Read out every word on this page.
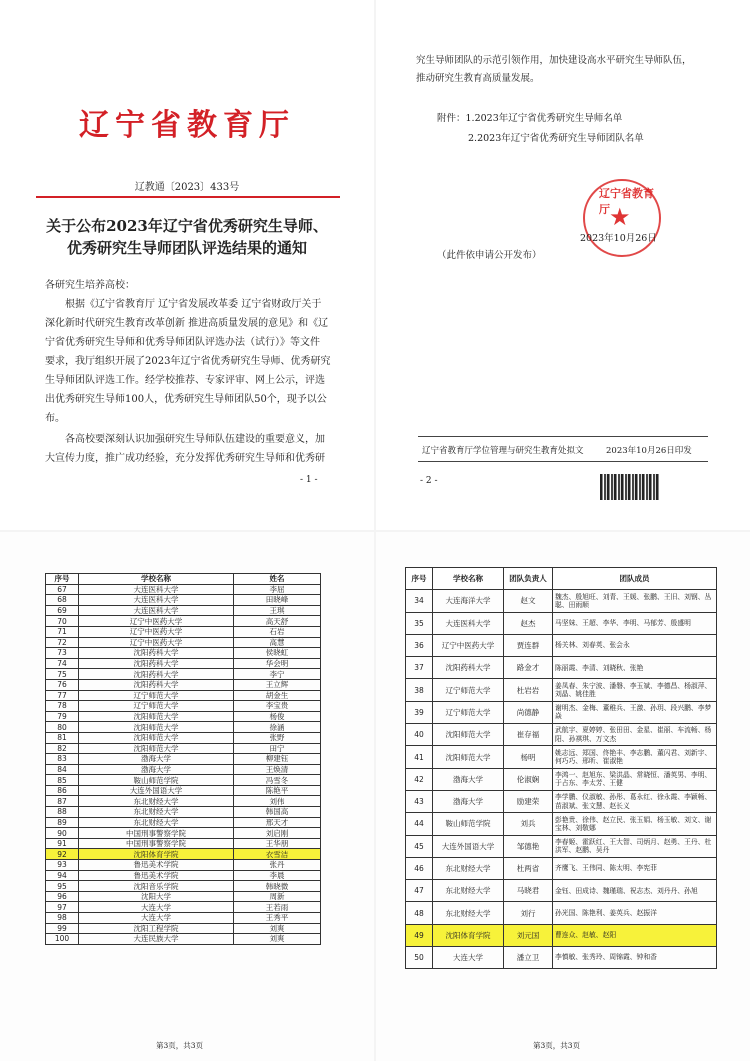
辽宁省教育厅
辽教通〔2023〕433号
关于公布2023年辽宁省优秀研究生导师、
优秀研究生导师团队评选结果的通知
各研究生培养高校：
根据《辽宁省教育厅 辽宁省发展改革委 辽宁省财政厅关于
深化新时代研究生教育改革创新 推进高质量发展的意见》和《辽
宁省优秀研究生导师和优秀导师团队评选办法（试行）》等文件
要求，我厅组织开展了2023年辽宁省优秀研究生导师、优秀研究
生导师团队评选工作。经学校推荐、专家评审、网上公示，评选
出优秀研究生导师100人，优秀研究生导师团队50个，现予以公
布。
各高校要深刻认识加强研究生导师队伍建设的重要意义，加
大宣传力度，推广成功经验，充分发挥优秀研究生导师和优秀研
- 1 -
究生导师团队的示范引领作用，加快建设高水平研究生导师队伍，
推动研究生教育高质量发展。
附件：1.2023年辽宁省优秀研究生导师名单
2.2023年辽宁省优秀研究生导师团队名单
辽宁省教育厅 ★
2023年10月26日
（此件依申请公开发布）
辽宁省教育厅学位管理与研究生教育处拟文	2023年10月26日印发
- 2 -
序号	学校名称	姓名
67	大连医科大学	李屈
68	大连医科大学	田晓峰
69	大连医科大学	王琪
70	辽宁中医药大学	高天舒
71	辽宁中医药大学	石岩
72	辽宁中医药大学	高慧
73	沈阳药科大学	侯晓虹
74	沈阳药科大学	华会明
75	沈阳药科大学	李宁
76	沈阳药科大学	王立辉
77	辽宁师范大学	胡金生
78	辽宁师范大学	李宝贵
79	沈阳师范大学	杨俊
80	沈阳师范大学	徐涵
81	沈阳师范大学	张野
82	沈阳师范大学	田宁
83	渤海大学	柳建钰
84	渤海大学	王焕清
85	鞍山师范学院	冯雪冬
86	大连外国语大学	陈艳平
87	东北财经大学	刘伟
88	东北财经大学	韩国高
89	东北财经大学	邢天才
90	中国刑事警察学院	刘启刚
91	中国刑事警察学院	王华朋
92	沈阳体育学院	衣雪洁
93	鲁迅美术学院	张丹
94	鲁迅美术学院	李晨
95	沈阳音乐学院	韩晓微
96	沈阳大学	周新
97	大连大学	王若雨
98	大连大学	王秀平
99	沈阳工程学院	刘爽
100	大连民族大学	刘爽
第3页，共3页
序号	学校名称	团队负责人	团队成员
34	大连海洋大学	赵文	魏杰、殷旭旺、刘青、王媛、张鹏、王旧、刘钢、丛聪、田雨顺
35	大连医科大学	赵杰	马坚妹、王超、李华、李明、马郁芳、殷盛明
36	辽宁中医药大学	贾连群	杨关林、刘春英、张会永
37	沈阳药科大学	路金才	陈丽霞、李清、刘晓秋、张艳
38	辽宁师范大学	杜岩岩	姜凤春、朱宁波、潘磐、李玉斌、李德昌、杨淑萍、刘晶、姚佳胜
39	辽宁师范大学	尚德静	谢明杰、金梅、董稚兵、王激、孙玥、段兴鹏、李梦焱
40	沈阳师范大学	崔存福	武航宇、夏婷婷、张田田、金星、崔丽、车流畅、杨阳、孙祺琪、万文杰
41	沈阳师范大学	杨明	姚志远、郑国、佟艳丰、李志鹏、董闪君、刘新宇、何巧巧、邢昕、崔淑艳
42	渤海大学	伦淑娴	李鸿一、赵旭东、梁洪晶、常晓恒、潘英男、李明、于占东、李太芳、王健
43	渤海大学	励建荣	李学鹏、仪淑敏、孙彤、葛永红、徐永霞、李颖畅、苗淑斌、张文慧、赵长义
44	鞍山师范学院	刘兵	彭艳贵、徐伟、赵立民、张玉娟、杨玉敏、刘文、谢宝林、刘敬娜
45	大连外国语大学	邹德艳	李春姬、霍跃红、王大智、司炳月、赵勇、王丹、杜洪军、赵鹏、吴丹
46	东北财经大学	杜两省	齐鹰飞、王伟同、陈太明、李宪菲
47	东北财经大学	马晓君	金钰、田成诗、魏瑾瑞、祝志杰、刘丹丹、孙旭
48	东北财经大学	刘行	孙光国、陈艳利、姜英兵、赵振洋
49	沈阳体育学院	刘元国	曹连众、赵敏、赵阳
50	大连大学	潘立卫	李慎敏、张秀玲、周锦霞、钟和香
第3页，共3页
